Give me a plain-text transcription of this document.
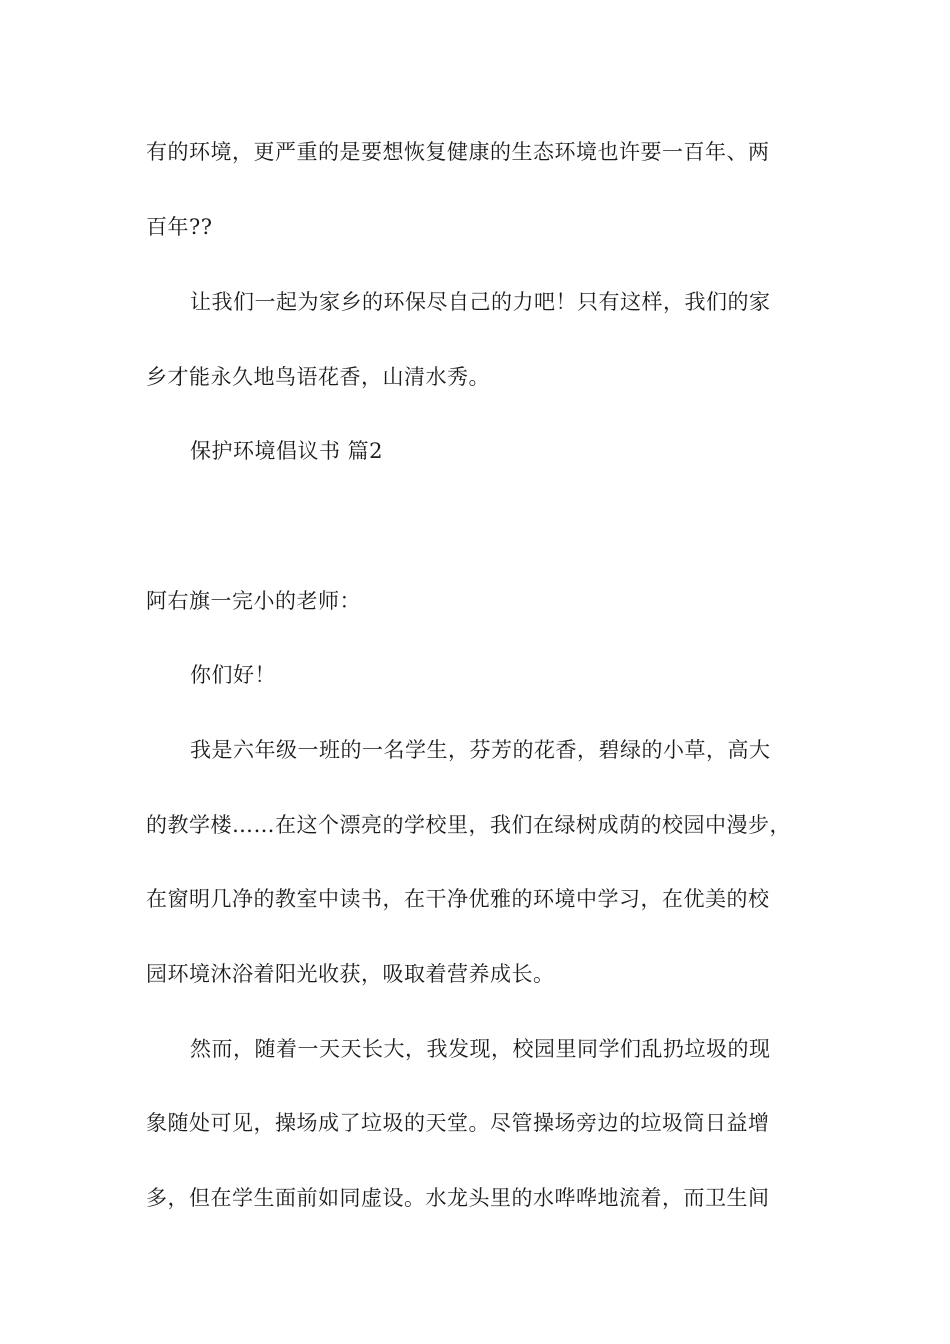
有的环境，更严重的是要想恢复健康的生态环境也许要一百年、两
百年??
让我们一起为家乡的环保尽自己的力吧！只有这样，我们的家
乡才能永久地鸟语花香，山清水秀。
保护环境倡议书 篇2
阿右旗一完小的老师：
你们好！
我是六年级一班的一名学生，芬芳的花香，碧绿的小草，高大
的教学楼……在这个漂亮的学校里，我们在绿树成荫的校园中漫步，
在窗明几净的教室中读书，在干净优雅的环境中学习，在优美的校
园环境沐浴着阳光收获，吸取着营养成长。
然而，随着一天天长大，我发现，校园里同学们乱扔垃圾的现
象随处可见，操场成了垃圾的天堂。尽管操场旁边的垃圾筒日益增
多，但在学生面前如同虚设。水龙头里的水哗哗地流着，而卫生间
